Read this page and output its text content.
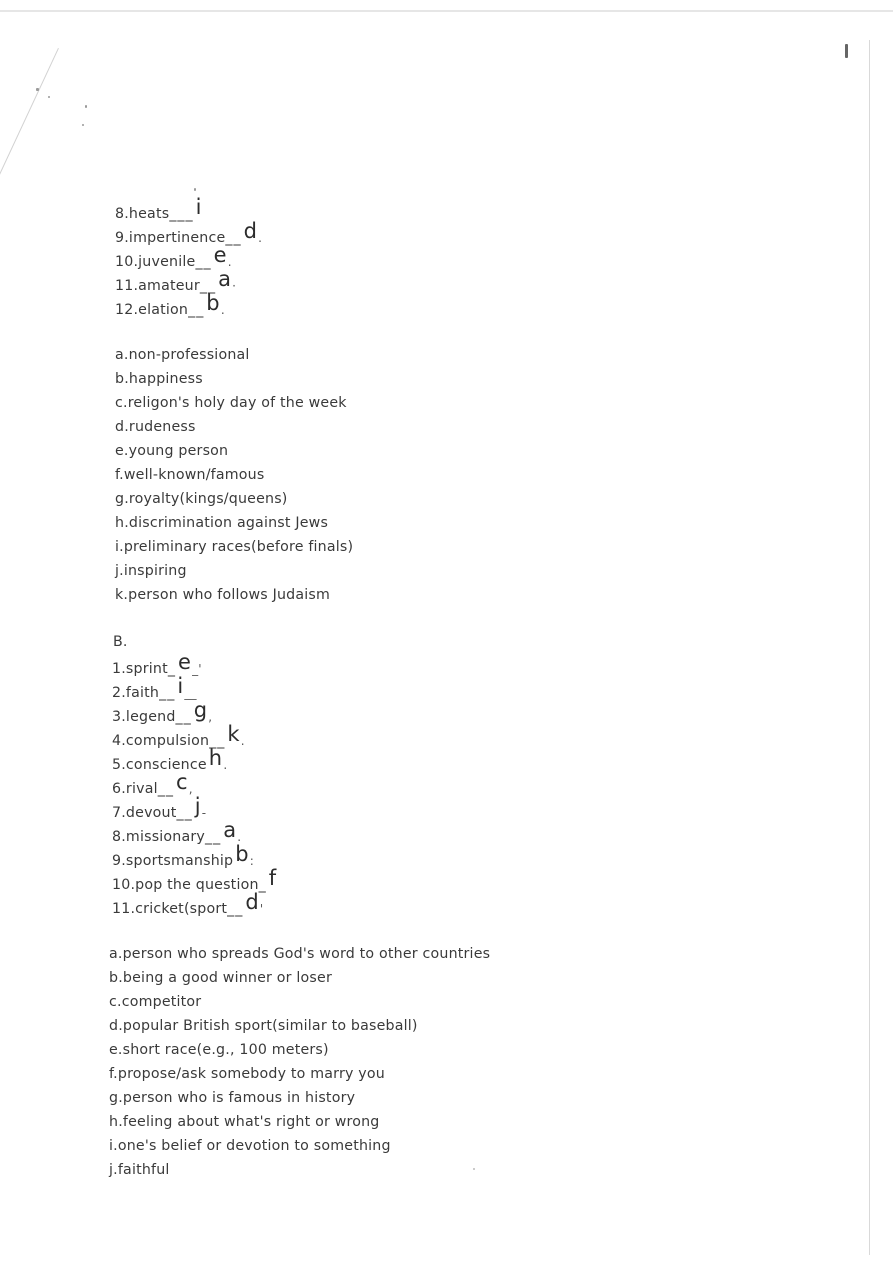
8.heats___i
9.impertinence__d.
10.juvenile__e.
11.amateur__a·
12.elation__b.
a.non-professional
b.happiness
c.religon's holy day of the week
d.rudeness
e.young person
f.well-known/famous
g.royalty(kings/queens)
h.discrimination against Jews
i.preliminary races(before finals)
j.inspiring
k.person who follows Judaism
B.
1.sprint_e_'
2.faith__i__
3.legend__g,
4.compulsion__k.
5.conscienceh.
6.rival__c,
7.devout__j-
8.missionary__a.
9.sportsmanshipb:
10.pop the question_f
11.cricket(sport__d'
a.person who spreads God's word to other countries
b.being a good winner or loser
c.competitor
d.popular British sport(similar to baseball)
e.short race(e.g., 100 meters)
f.propose/ask somebody to marry you
g.person who is famous in history
h.feeling about what's right or wrong
i.one's belief or devotion to something
j.faithful
